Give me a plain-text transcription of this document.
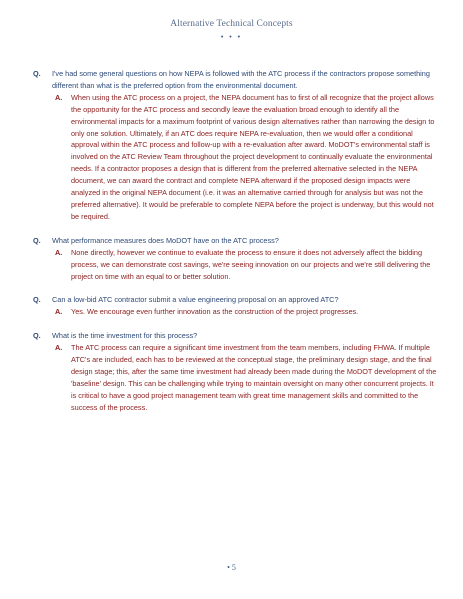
Alternative Technical Concepts
• • •
Q. I've had some general questions on how NEPA is followed with the ATC process if the contractors propose something different than what is the preferred option from the environmental document.
A. When using the ATC process on a project, the NEPA document has to first of all recognize that the project allows the opportunity for the ATC process and secondly leave the evaluation broad enough to identify all the environmental impacts for a maximum footprint of various design alternatives rather than narrowing the design to only one solution. Ultimately, if an ATC does require NEPA re-evaluation, then we would offer a conditional approval within the ATC process and follow-up with a re-evaluation after award. MoDOT's environmental staff is involved on the ATC Review Team throughout the project development to continually evaluate the environmental needs. If a contractor proposes a design that is different from the preferred alternative selected in the NEPA document, we can award the contract and complete NEPA afterward if the proposed design impacts were analyzed in the original NEPA document (i.e. it was an alternative carried through for analysis but was not the preferred alternative). It would be preferable to complete NEPA before the project is underway, but this would not be required.
Q. What performance measures does MoDOT have on the ATC process?
A. None directly, however we continue to evaluate the process to ensure it does not adversely affect the bidding process, we can demonstrate cost savings, we're seeing innovation on our projects and we're still delivering the project on time with an equal to or better solution.
Q. Can a low-bid ATC contractor submit a value engineering proposal on an approved ATC?
A. Yes. We encourage even further innovation as the construction of the project progresses.
Q. What is the time investment for this process?
A. The ATC process can require a significant time investment from the team members, including FHWA. If multiple ATC's are included, each has to be reviewed at the conceptual stage, the preliminary design stage, and the final design stage; this, after the same time investment had already been made during the MoDOT development of the 'baseline' design. This can be challenging while trying to maintain oversight on many other concurrent projects. It is critical to have a good project management team with great time management skills and committed to the success of the process.
• 5
